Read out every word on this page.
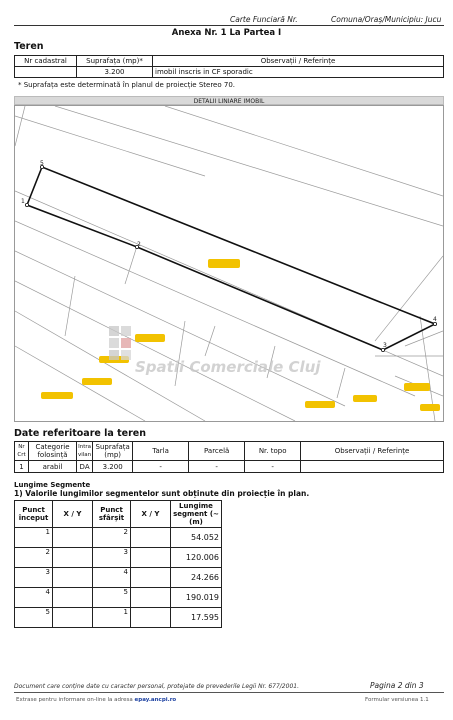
Carte Funciară Nr.	Comuna/Oraș/Municipiu: Jucu
Anexa Nr. 1 La Partea I
Teren
Nr cadastral	Suprafața (mp)*	Observații / Referințe
	3.200	imobil inscris in CF sporadic
* Suprafața este determinată în planul de proiecție Stereo 70.
DETALII LINIARE IMOBIL
1
2
3
4
5
Spatii Comerciale Cluj
Date referitoare la teren
Nr Crt	Categorie folosință	Intra vilan	Suprafața (mp)	Tarla	Parcelă	Nr. topo	Observații / Referințe
1	arabil	DA	3.200	-	-	-	
Lungime Segmente
1) Valorile lungimilor segmentelor sunt obținute din proiecție în plan.
Punct început	X / Y	Punct sfârșit	X / Y	Lungime segment (~ (m)
1		2		54.052
2		3		120.006
3		4		24.266
4		5		190.019
5		1		17.595
Document care conține date cu caracter personal, protejate de prevederile Legii Nr. 677/2001.	Pagina 2 din 3
Extrase pentru informare on-line la adresa epay.ancpi.ro	Formular versiunea 1.1
